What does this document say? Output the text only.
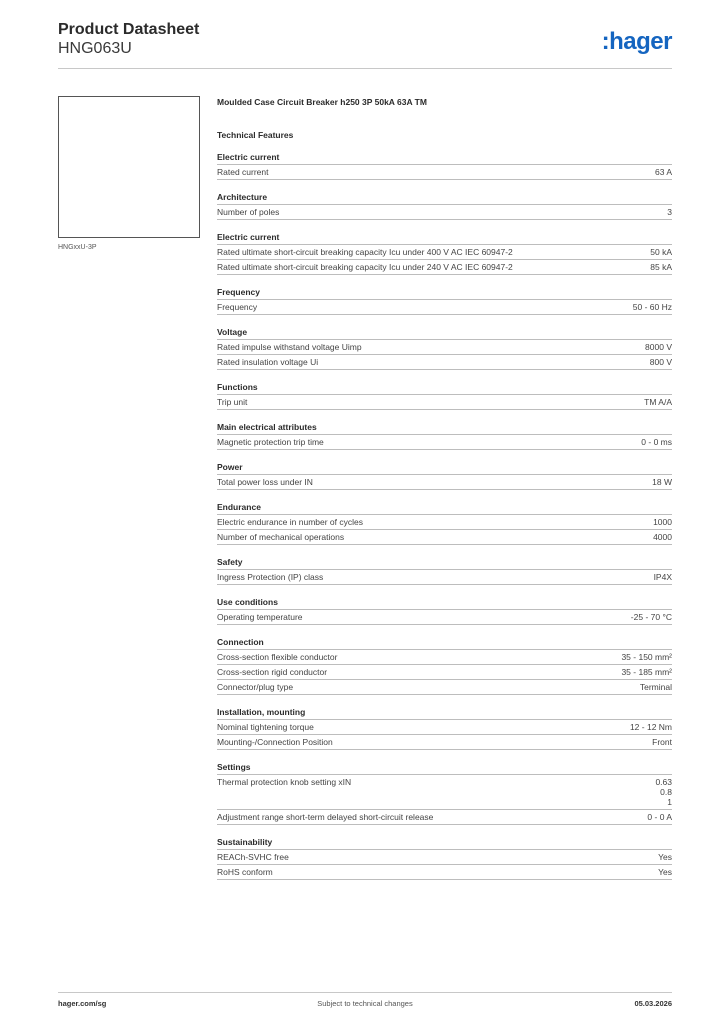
Product Datasheet
HNG063U	:hager
HNGxxU-3P
Moulded Case Circuit Breaker h250 3P 50kA 63A TM
Technical Features
Electric current
Rated current	63 A
Architecture
Number of poles	3
Electric current
Rated ultimate short-circuit breaking capacity Icu under 400 V AC IEC 60947-2	50 kA
Rated ultimate short-circuit breaking capacity Icu under 240 V AC IEC 60947-2	85 kA
Frequency
Frequency	50 - 60 Hz
Voltage
Rated impulse withstand voltage Uimp	8000 V
Rated insulation voltage Ui	800 V
Functions
Trip unit	TM A/A
Main electrical attributes
Magnetic protection trip time	0 - 0 ms
Power
Total power loss under IN	18 W
Endurance
Electric endurance in number of cycles	1000
Number of mechanical operations	4000
Safety
Ingress Protection (IP) class	IP4X
Use conditions
Operating temperature	-25 - 70 °C
Connection
Cross-section flexible conductor	35 - 150 mm²
Cross-section rigid conductor	35 - 185 mm²
Connector/plug type	Terminal
Installation, mounting
Nominal tightening torque	12 - 12 Nm
Mounting-/Connection Position	Front
Settings
Thermal protection knob setting xIN	0.63
0.8
1
Adjustment range short-term delayed short-circuit release	0 - 0 A
Sustainability
REACh-SVHC free	Yes
RoHS conform	Yes
hager.com/sg	Subject to technical changes	05.03.2026
